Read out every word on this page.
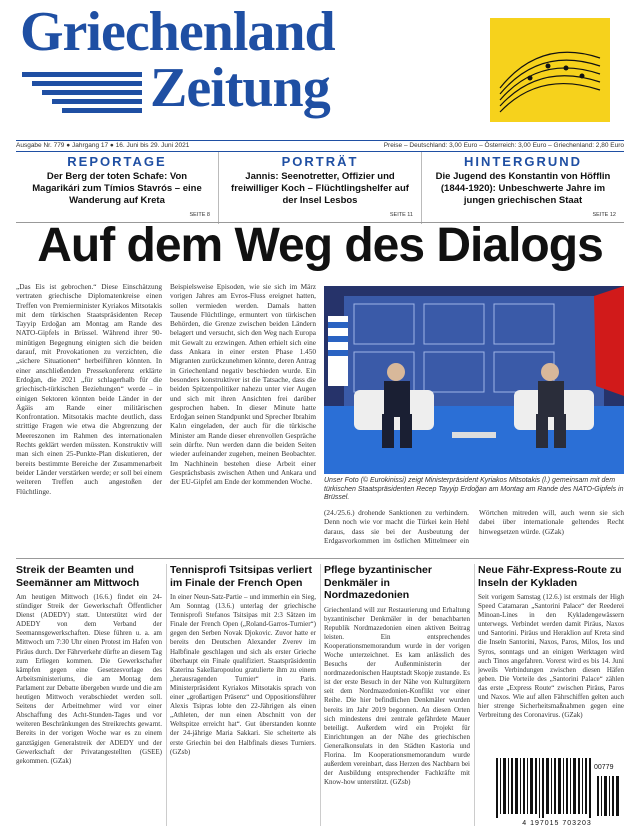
Griechenland
Zeitung
Ausgabe Nr. 779 ● Jahrgang 17 ● 16. Juni bis 29. Juni 2021	Preise – Deutschland: 3,00 Euro – Österreich: 3,00 Euro – Griechenland: 2,80 Euro
REPORTAGE
Der Berg der toten Schafe: Von Magarikári zum Tímios Stavrós – eine Wanderung auf Kreta
SEITE 8
PORTRÄT
Jannis: Seenotretter, Offizier und freiwilliger Koch – Flüchtlingshelfer auf der Insel Lesbos
SEITE 11
HINTERGRUND
Die Jugend des Konstantin von Höfflin (1844-1920): Unbeschwerte Jahre im jungen griechischen Staat
SEITE 12
Auf dem Weg des Dialogs
„Das Eis ist gebrochen.“ Diese Einschätzung vertraten griechische Diplomatenkreise einen Treffen von Premierminister Kyriakos Mitsotakis mit dem türkischen Staatspräsidenten Recep Tayyip Erdoğan am Montag am Rande des NATO-Gipfels in Brüssel. Während ihrer 90-minütigen Begegnung einigten sich die beiden darauf, mit Provokationen zu verzichten, die „sichere Situationen“ herbeiführen könnten. In einer anschließenden Pressekonferenz erklärte Erdoğan, die 2021 „für schlagerhalb für die griechisch-türkischen Beziehungen“ werde – in einigen Sektoren könnten beide Länder in der Ägäis am Rande einer militärischen Konfrontation. Mitsotakis machte deutlich, dass strittige Fragen wie etwa die Abgrenzung der Meereszonen im Rahmen des internationalen Rechts geklärt werden müssten. Konstruktiv will man sich einen 25-Punkte-Plan diskutieren, der bereits bestimmte Bereiche der Zusammenarbeit beider Länder verstärken werde; er soll bei einem weiteren Treffen auch angestoßen der Flüchtlinge.
Beispielsweise Episoden, wie sie sich im März vorigen Jahres am Evros-Fluss ereignet hatten, sollen vermieden werden. Damals hatten Tausende Flüchtlinge, ermuntert von türkischen Behörden, die Grenze zwischen beiden Ländern belagert und versucht, sich den Weg nach Europa mit Gewalt zu erzwingen. Athen erhielt sich eine dass Ankara in einer ersten Phase 1.450 Migranten zurückzunehmen könnte, deren Antrag in Griechenland negativ beschieden wurde. Ein besonders konstruktiver ist die Tatsache, dass die beiden Spitzenpolitiker nahezu unter vier Augen und sich mit ihren Ansichten frei darüber gesprochen haben. In dieser Minute hatte Erdoğan seinen Standpunkt und Sprecher Ibrahim Kalın eingeladen, der auch für die türkische Minister am Rande dieser ehrenvollen Gespräche sein dürfte. Nun werden dann die beiden Seiten wieder aufeinander zugehen, meinen Beobachter. Im Nachhinein bestehen diese Arbeit einer Gesprächsbasis zwischen Athen und Ankara und der EU-Gipfel am Ende der kommenden Woche.	Unser Foto (© Eurokinissi) zeigt Ministerpräsident Kyriakos Mitsotakis (l.) gemeinsam mit dem türkischen Staatspräsidenten Recep Tayyip Erdoğan am Montag am Rande des NATO-Gipfels in Brüssel.
(24./25.6.) drohende Sanktionen zu verhindern. Denn noch wie vor macht die Türkei kein Hehl daraus, dass sie bei der Ausbeutung der Erdgasvorkommen im östlichen Mittelmeer ein Wörtchen mitreden will, auch wenn sie sich dabei über internationale geltendes Recht hinwegsetzen würde. (GZak)
Streik der Beamten und Seemänner am Mittwoch
Am heutigen Mittwoch (16.6.) findet ein 24-stündiger Streik der Gewerkschaft Öffentlicher Dienst (ADEDY) statt. Unterstützt wird der ADEDY von dem Verband der Seemannsgewerkschaften. Diese führen u. a. am Mittwoch um 7:30 Uhr einen Protest im Hafen von Piräus durch. Der Fährverkehr dürfte an diesem Tag zum Erliegen kommen. Die Gewerkschafter kämpfen gegen eine Gesetzesvorlage des Arbeitsministeriums, die am Montag dem Parlament zur Debatte übergeben wurde und die am heutigen Mittwoch verabschiedet werden soll. Seitens der Arbeitnehmer wird vor einer Abschaffung des Acht-Stunden-Tages und vor weiteren Beschränkungen des Streikrechts gewarnt. Bereits in der vorigen Woche war es zu einem ganztägigen Generalstreik der ADEDY und der Gewerkschaft der Privatangestellten (GSEE) gekommen. (GZak)
Tennisprofi Tsitsipas verliert im Finale der French Open
In einer Neun-Satz-Partie – und immerhin ein Sieg, Am Sonntag (13.6.) unterlag der griechische Tennisprofi Stefanos Tsitsipas mit 2:3 Sätzen im Finale der French Open („Roland-Garros-Turnier“) gegen den Serben Novak Djokovic. Zuvor hatte er bereits den Deutschen Alexander Zverev im Halbfinale geschlagen und sich als erster Grieche überhaupt ein Finale qualifiziert. Staatspräsidentin Katerina Sakellaropoulou gratulierte ihm zu einem „herausragenden Turnier“ in Paris. Ministerpräsident Kyriakos Mitsotakis sprach von einer „großartigen Präsenz“ und Oppositionsführer Alexis Tsipras lobte den 22-Jährigen als einen „Athleten, der nun einen Abschnitt von der Weltspitze erreicht hat“. Gut überstanden konnte der 24-jährige Maria Sakkari. Sie scheiterte als erste Griechin bei den Halbfinals dieses Turniers. (GZsb)
Pflege byzantinischer Denkmäler in Nordmazedonien
Griechenland will zur Restaurierung und Erhaltung byzantinischer Denkmäler in der benachbarten Republik Nordmazedonien einen aktiven Beitrag leisten. Ein entsprechendes Kooperationsmemorandum wurde in der vorigen Woche unterzeichnet. Es kam anlässlich des Besuchs der Außenministerin der nordmazedonischen Hauptstadt Skopje zustande. Es ist der erste Besuch in der Nähe von Kulturgütern seit dem Nordmazedonien-Konflikt vor einer Reihe. Die hier befindlichen Denkmäler wurden bereits im Jahr 2019 begonnen. An diesen Orten sich mindestens drei zentrale gefährdete Mauer beteiligt. Außerdem wird ein Projekt für Einrichtungen an der Nähe des griechischen Generalkonsulats in den Städten Kastoria und Florina. Im Kooperationsmemorandum wurde außerdem vereinbart, dass Herzen des Nachbarn bei der Ausbildung entsprechender Fachkräfte mit Know-how unterstützt. (GZsb)
Neue Fähr-Express-Route zu Inseln der Kykladen
Seit vorigem Samstag (12.6.) ist erstmals der High Speed Catamaran „Santorini Palace“ der Reederei Minoan-Lines in den Kykladengewässern unterwegs. Verbindet werden damit Piräus, Naxos und Santorini. Piräus und Heraklion auf Kreta sind die Inseln Santorini, Naxos, Paros, Milos, Ios und Syros, sonntags und an einigen Werktagen wird auch Tinos angefahren. Vorerst wird es bis 14. Juni jeweils Verbindungen zwischen diesen Häfen geben. Die Vorteile des „Santorini Palace“ zählen das erste „Express Route“ zwischen Piräus, Paros und Naxos. Wie auf allen Fährschiffen gelten auch hier strenge Sicherheitsmaßnahmen gegen eine Verbreitung des Coronavirus. (GZak)
00779
4 197015 703203
